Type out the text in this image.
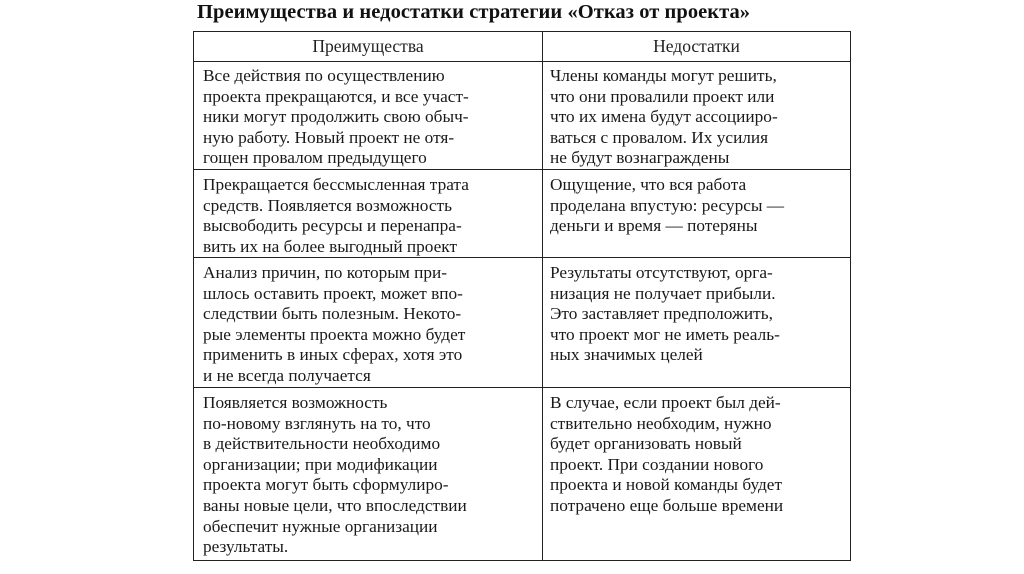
Преимущества и недостатки стратегии «Отказ от проекта»
Преимущества	Недостатки
Все действия по осуществлению
проекта прекращаются, и все участ-
ники могут продолжить свою обыч-
ную работу. Новый проект не отя-
гощен провалом предыдущего
Члены команды могут решить,
что они провалили проект или
что их имена будут ассоцииро-
ваться с провалом. Их усилия
не будут вознаграждены
Прекращается бессмысленная трата
средств. Появляется возможность
высвободить ресурсы и перенапра-
вить их на более выгодный проект
Ощущение, что вся работа
проделана впустую: ресурсы —
деньги и время — потеряны
Анализ причин, по которым при-
шлось оставить проект, может впо-
следствии быть полезным. Некото-
рые элементы проекта можно будет
применить в иных сферах, хотя это
и не всегда получается
Результаты отсутствуют, орга-
низация не получает прибыли.
Это заставляет предположить,
что проект мог не иметь реаль-
ных значимых целей
Появляется возможность
по-новому взглянуть на то, что
в действительности необходимо
организации; при модификации
проекта могут быть сформулиро-
ваны новые цели, что впоследствии
обеспечит нужные организации
результаты.
В случае, если проект был дей-
ствительно необходим, нужно
будет организовать новый
проект. При создании нового
проекта и новой команды будет
потрачено еще больше времени
